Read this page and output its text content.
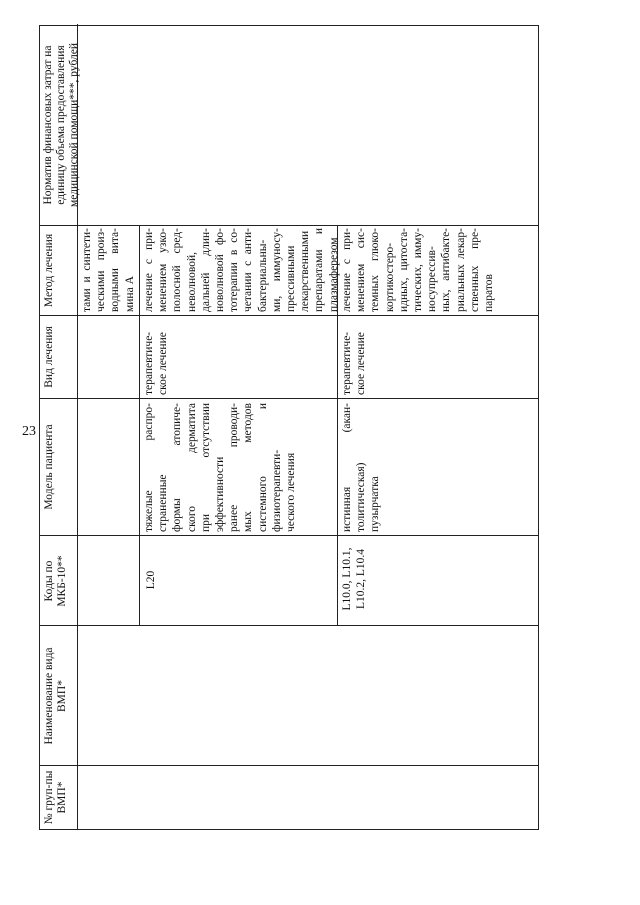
23
№ груп-пы ВМП*
Наименование вида ВМП*
Коды по МКБ-10**
Модель пациента
Вид лечения
Метод лечения
Норматив финансовых затрат на единицу объема предоставления медицинской помощи***, рублей

тами и синтети- ческими произ- водными вита- мина А

L20

тяжелые распро- страненные формы атопиче- ского дерматита при отсутствии эффективности ранее проводи- мых методов системного и физиотерапевти- ческого лечения

терапевтиче- ское лечение

лечение с при- менением узко- полосной сред- неволновой, дальней длин- новолновой фо- тотерапии в со- четании с анти- бактериальны- ми, иммуносу- прессивными лекарственными препаратами и плазмаферезом

L10.0, L10.1, L10.2, L10.4

истинная (акан- толитическая) пузырчатка

терапевтиче- ское лечение

лечение с при- менением сис- темных глюко- кортикостеро- идных, цитоста- тических, имму- носупрессив- ных, антибакте- риальных лекар- ственных пре- паратов
